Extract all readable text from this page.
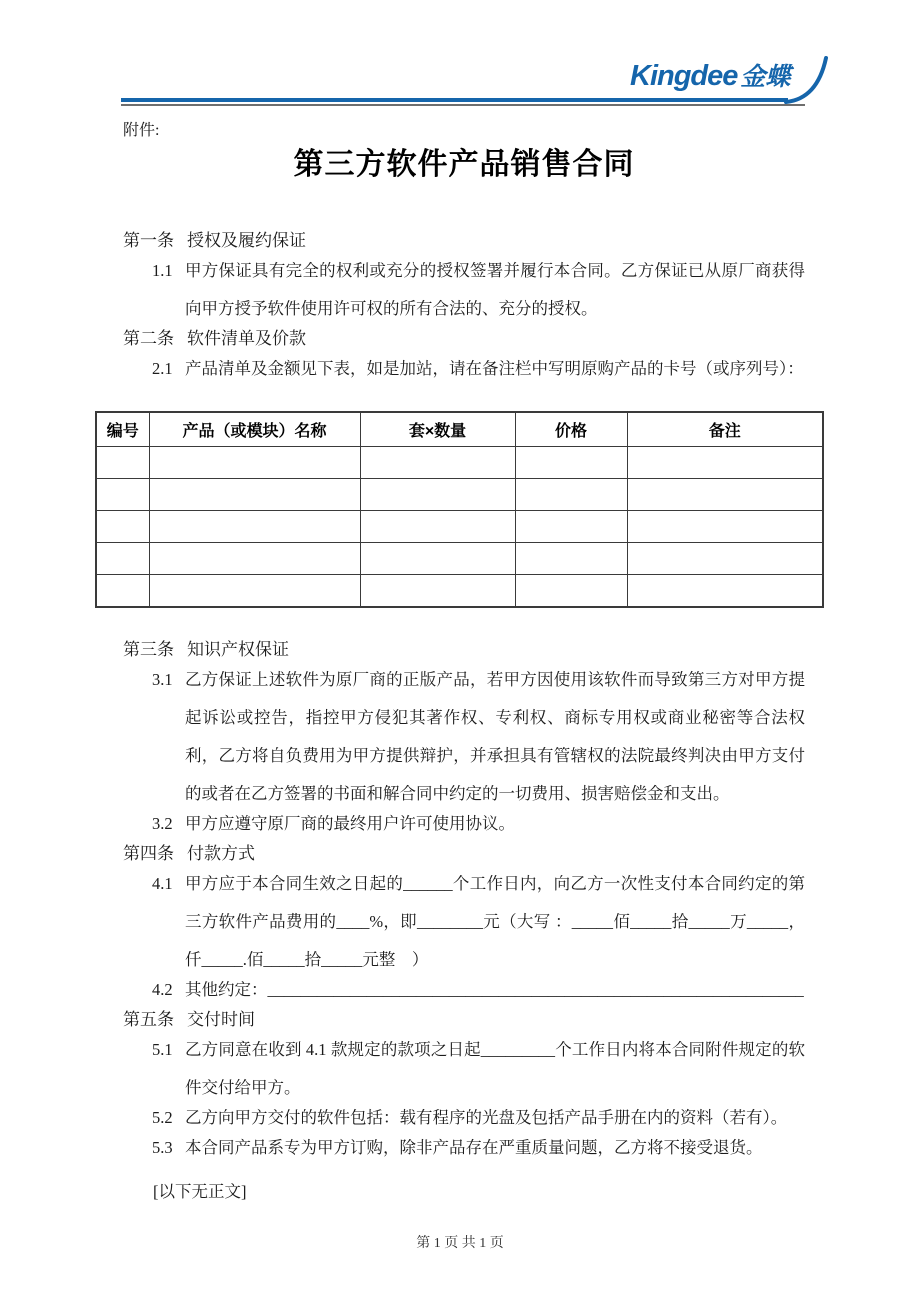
Kingdee 金蝶
附件:
第三方软件产品销售合同
第一条 授权及履约保证
1.1 甲方保证具有完全的权利或充分的授权签署并履行本合同。乙方保证已从原厂商获得向甲方授予软件使用许可权的所有合法的、充分的授权。
第二条 软件清单及价款
2.1 产品清单及金额见下表，如是加站，请在备注栏中写明原购产品的卡号（或序列号）：
编号	产品（或模块）名称	套×数量	价格	备注

第三条 知识产权保证
3.1 乙方保证上述软件为原厂商的正版产品，若甲方因使用该软件而导致第三方对甲方提起诉讼或控告，指控甲方侵犯其著作权、专利权、商标专用权或商业秘密等合法权利，乙方将自负费用为甲方提供辩护，并承担具有管辖权的法院最终判决由甲方支付的或者在乙方签署的书面和解合同中约定的一切费用、损害赔偿金和支出。
3.2 甲方应遵守原厂商的最终用户许可使用协议。
第四条 付款方式
4.1 甲方应于本合同生效之日起的______个工作日内，向乙方一次性支付本合同约定的第三方软件产品费用的____%，即________元（大写 ：_____佰_____拾_____万_____，仟_____.佰_____拾_____元整　）
4.2 其他约定：_________________________________________________________________
第五条 交付时间
5.1 乙方同意在收到 4.1 款规定的款项之日起_________个工作日内将本合同附件规定的软件交付给甲方。
5.2 乙方向甲方交付的软件包括：载有程序的光盘及包括产品手册在内的资料（若有）。
5.3 本合同产品系专为甲方订购，除非产品存在严重质量问题，乙方将不接受退货。
[以下无正文]
第 1 页 共 1 页
